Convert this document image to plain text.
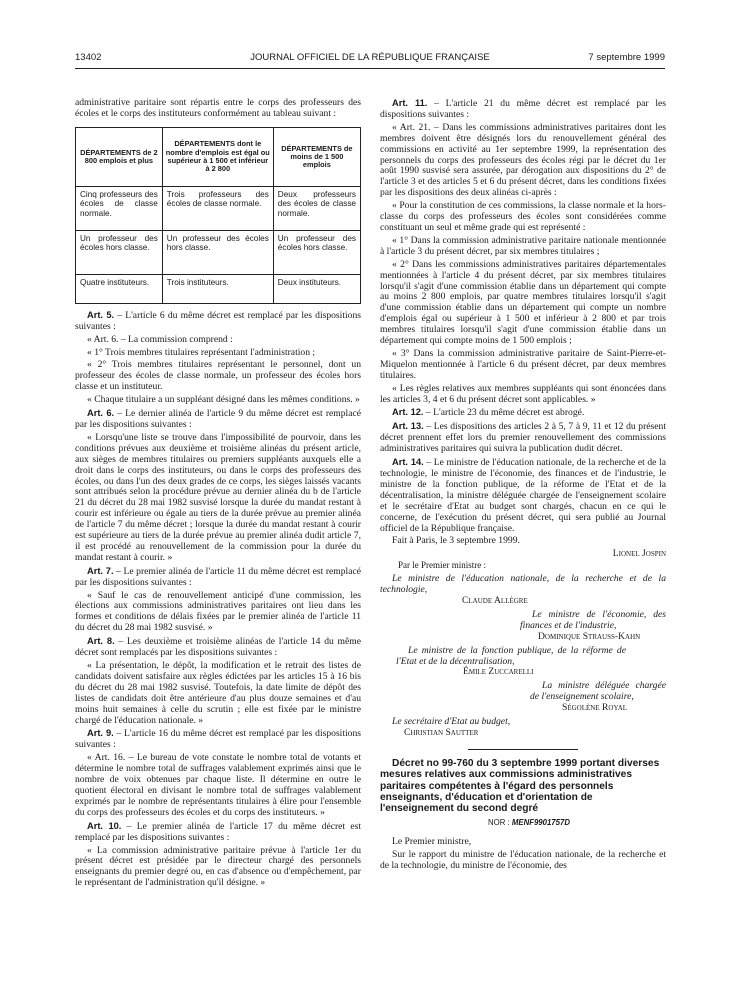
13402	JOURNAL OFFICIEL DE LA RÉPUBLIQUE FRANÇAISE	7 septembre 1999

administrative paritaire sont répartis entre le corps des professeurs des écoles et le corps des instituteurs conformément au tableau suivant :

DÉPARTEMENTS de 2 800 emplois et plus	DÉPARTEMENTS dont le nombre d'emplois est égal ou supérieur à 1 500 et inférieur à 2 800	DÉPARTEMENTS de moins de 1 500 emplois
Cinq professeurs des écoles de classe normale.	Trois professeurs des écoles de classe normale.	Deux professeurs des écoles de classe normale.
Un professeur des écoles hors classe.	Un professeur des écoles hors classe.	Un professeur des écoles hors classe.
Quatre instituteurs.	Trois instituteurs.	Deux instituteurs.

Art. 5. – L'article 6 du même décret est remplacé par les dispositions suivantes :

« Art. 6. – La commission comprend :

« 1° Trois membres titulaires représentant l'administration ;

« 2° Trois membres titulaires représentant le personnel, dont un professeur des écoles de classe normale, un professeur des écoles hors classe et un instituteur.

« Chaque titulaire a un suppléant désigné dans les mêmes conditions. »

Art. 6. – Le dernier alinéa de l'article 9 du même décret est remplacé par les dispositions suivantes :

« Lorsqu'une liste se trouve dans l'impossibilité de pourvoir, dans les conditions prévues aux deuxième et troisième alinéas du présent article, aux sièges de membres titulaires ou premiers suppléants auxquels elle a droit dans le corps des instituteurs, ou dans le corps des professeurs des écoles, ou dans l'un des deux grades de ce corps, les sièges laissés vacants sont attribués selon la procédure prévue au dernier alinéa du b de l'article 21 du décret du 28 mai 1982 susvisé lorsque la durée du mandat restant à courir est inférieure ou égale au tiers de la durée prévue au premier alinéa de l'article 7 du même décret ; lorsque la durée du mandat restant à courir est supérieure au tiers de la durée prévue au premier alinéa dudit article 7, il est procédé au renouvellement de la commission pour la durée du mandat restant à courir. »

Art. 7. – Le premier alinéa de l'article 11 du même décret est remplacé par les dispositions suivantes :

« Sauf le cas de renouvellement anticipé d'une commission, les élections aux commissions administratives paritaires ont lieu dans les formes et conditions de délais fixées par le premier alinéa de l'article 11 du décret du 28 mai 1982 susvisé. »

Art. 8. – Les deuxième et troisième alinéas de l'article 14 du même décret sont remplacés par les dispositions suivantes :

« La présentation, le dépôt, la modification et le retrait des listes de candidats doivent satisfaire aux règles édictées par les articles 15 à 16 bis du décret du 28 mai 1982 susvisé. Toutefois, la date limite de dépôt des listes de candidats doit être antérieure d'au plus douze semaines et d'au moins huit semaines à celle du scrutin ; elle est fixée par le ministre chargé de l'éducation nationale. »

Art. 9. – L'article 16 du même décret est remplacé par les dispositions suivantes :

« Art. 16. – Le bureau de vote constate le nombre total de votants et détermine le nombre total de suffrages valablement exprimés ainsi que le nombre de voix obtenues par chaque liste. Il détermine en outre le quotient électoral en divisant le nombre total de suffrages valablement exprimés par le nombre de représentants titulaires à élire pour l'ensemble du corps des professeurs des écoles et du corps des instituteurs. »

Art. 10. – Le premier alinéa de l'article 17 du même décret est remplacé par les dispositions suivantes :

« La commission administrative paritaire prévue à l'article 1er du présent décret est présidée par le directeur chargé des personnels enseignants du premier degré ou, en cas d'absence ou d'empêchement, par le représentant de l'administration qu'il désigne. »

Art. 11. – L'article 21 du même décret est remplacé par les dispositions suivantes :

« Art. 21. – Dans les commissions administratives paritaires dont les membres doivent être désignés lors du renouvellement général des commissions en activité au 1er septembre 1999, la représentation des personnels du corps des professeurs des écoles régi par le décret du 1er août 1990 susvisé sera assurée, par dérogation aux dispositions du 2° de l'article 3 et des articles 5 et 6 du présent décret, dans les conditions fixées par les dispositions des deux alinéas ci-après :

« Pour la constitution de ces commissions, la classe normale et la hors-classe du corps des professeurs des écoles sont considérées comme constituant un seul et même grade qui est représenté :

« 1° Dans la commission administrative paritaire nationale mentionnée à l'article 3 du présent décret, par six membres titulaires ;

« 2° Dans les commissions administratives paritaires départementales mentionnées à l'article 4 du présent décret, par six membres titulaires lorsqu'il s'agit d'une commission établie dans un département qui compte au moins 2 800 emplois, par quatre membres titulaires lorsqu'il s'agit d'une commission établie dans un département qui compte un nombre d'emplois égal ou supérieur à 1 500 et inférieur à 2 800 et par trois membres titulaires lorsqu'il s'agit d'une commission établie dans un département qui compte moins de 1 500 emplois ;

« 3° Dans la commission administrative paritaire de Saint-Pierre-et-Miquelon mentionnée à l'article 6 du présent décret, par deux membres titulaires.

« Les règles relatives aux membres suppléants qui sont énoncées dans les articles 3, 4 et 6 du présent décret sont applicables. »

Art. 12. – L'article 23 du même décret est abrogé.

Art. 13. – Les dispositions des articles 2 à 5, 7 à 9, 11 et 12 du présent décret prennent effet lors du premier renouvellement des commissions administratives paritaires qui suivra la publication dudit décret.

Art. 14. – Le ministre de l'éducation nationale, de la recherche et de la technologie, le ministre de l'économie, des finances et de l'industrie, le ministre de la fonction publique, de la réforme de l'Etat et de la décentralisation, la ministre déléguée chargée de l'enseignement scolaire et le secrétaire d'Etat au budget sont chargés, chacun en ce qui le concerne, de l'exécution du présent décret, qui sera publié au Journal officiel de la République française.

Fait à Paris, le 3 septembre 1999.

Lionel Jospin

Par le Premier ministre :

Le ministre de l'éducation nationale, de la recherche et de la technologie,

Claude Allègre

Le ministre de l'économie, des finances et de l'industrie,

Dominique Strauss-Kahn

Le ministre de la fonction publique, de la réforme de l'Etat et de la décentralisation,

Émile Zuccarelli

La ministre déléguée chargée de l'enseignement scolaire,

Ségolène Royal

Le secrétaire d'Etat au budget,

Christian Sautter

Décret no 99-760 du 3 septembre 1999 portant diverses mesures relatives aux commissions administratives paritaires compétentes à l'égard des personnels enseignants, d'éducation et d'orientation de l'enseignement du second degré

NOR : MENF9901757D

Le Premier ministre,

Sur le rapport du ministre de l'éducation nationale, de la recherche et de la technologie, du ministre de l'économie, des
